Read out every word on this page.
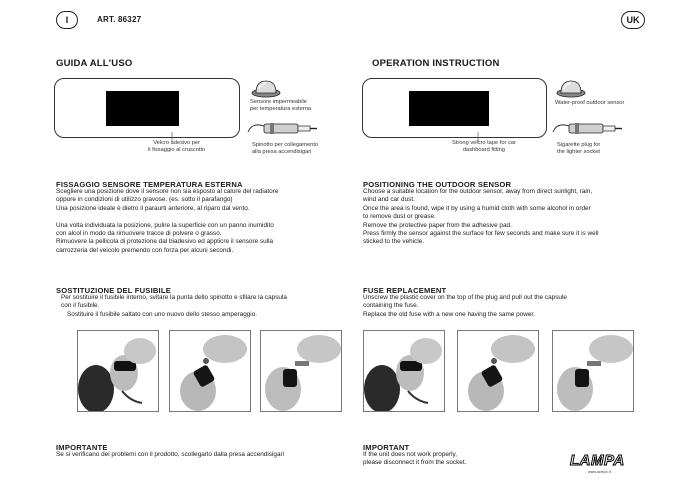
I	ART. 86327	UK
GUIDA ALL'USO
Velcro adesivo per
il fissaggio al cruscotto
Sensore impermeabile
per temperatura esterna
Spinotto per collegamento
alla presa accendisigari
FISSAGGIO SENSORE TEMPERATURA ESTERNA
Scegliere una posizione dove il sensore non sia esposto al calore del radiatore
oppure in condizioni di utilizzo gravose. (es. sotto il parafango)
Una posizione ideale è dietro il paraurti anteriore, al riparo dal vento.

Una volta individuata la posizione, pulire la superficie con un panno inumidito
con alcol in modo da rimuovere tracce di polvere o grasso.
Rimuovere la pellicola di protezione dal biadesivo ed applicre il sensore sulla
carrozzeria del veicolo premendo con forza per alcuni secondi.
SOSTITUZIONE DEL FUSIBILE
Per sostituire il fusibile interno, svitare la punta dello spinotto e sfilare la capsula
con il fusibile.
Sostituire il fusibile saltato con uno nuovo dello stesso amperaggio.
IMPORTANTE
Se si verificano dei problemi con il prodotto, scollegarlo dalla presa accendisigari
OPERATION INSTRUCTION
Strong velcro tape for car
dashboard fitting
Water-proof outdoor sensor
Sigarette plug for
the lighter socket
POSITIONING THE OUTDOOR SENSOR
Choose a suitable location for the outdoor sensor, away from direct sunlight, rain,
wind and car dust.
Once the area is found, wipe it by using a humid cloth with some alcohol in order
to remove dust or grease.
Remove the protective paper from the adhesive pad.
Press firmly the sensor against the surface for few seconds and make sure it is well
sticked to the vehicle.
FUSE REPLACEMENT
Unscrew the plastic cover on the top of the plug and pull out the capsule
containing the fuse.
Replace the old fuse with a new one having the same power.
IMPORTANT
If the unit does not work properly,
please disconnect it from the socket.	LAMPA
www.lampa.it
